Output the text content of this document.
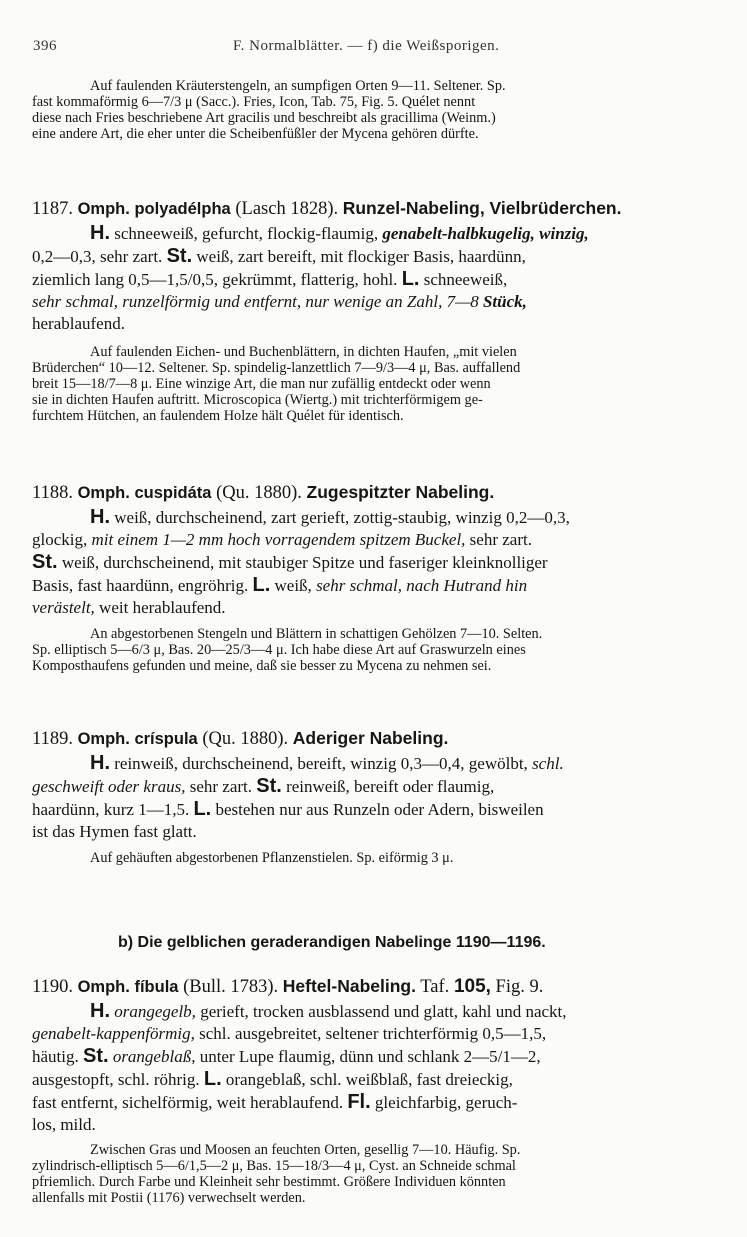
396	F. Normalblätter. — f) die Weißsporigen.
Auf faulenden Kräuterstengeln, an sumpfigen Orten 9—11. Seltener. Sp.
fast kommaförmig 6—7/3 μ (Sacc.). Fries, Icon, Tab. 75, Fig. 5. Quélet nennt
diese nach Fries beschriebene Art gracilis und beschreibt als gracillima (Weinm.)
eine andere Art, die eher unter die Scheibenfüßler der Mycena gehören dürfte.
1187. Omph. polyadélpha (Lasch 1828). Runzel-Nabeling, Vielbrüderchen.
H. schneeweiß, gefurcht, flockig-flaumig, genabelt-halbkugelig, winzig,
0,2—0,3, sehr zart. St. weiß, zart bereift, mit flockiger Basis, haardünn,
ziemlich lang 0,5—1,5/0,5, gekrümmt, flatterig, hohl. L. schneeweiß,
sehr schmal, runzelförmig und entfernt, nur wenige an Zahl, 7—8 Stück,
herablaufend.
Auf faulenden Eichen- und Buchenblättern, in dichten Haufen, „mit vielen
Brüderchen“ 10—12. Seltener. Sp. spindelig-lanzettlich 7—9/3—4 μ, Bas. auffallend
breit 15—18/7—8 μ. Eine winzige Art, die man nur zufällig entdeckt oder wenn
sie in dichten Haufen auftritt. Microscopica (Wiertg.) mit trichterförmigem ge-
furchtem Hütchen, an faulendem Holze hält Quélet für identisch.
1188. Omph. cuspidáta (Qu. 1880). Zugespitzter Nabeling.
H. weiß, durchscheinend, zart gerieft, zottig-staubig, winzig 0,2—0,3,
glockig, mit einem 1—2 mm hoch vorragendem spitzem Buckel, sehr zart.
St. weiß, durchscheinend, mit staubiger Spitze und faseriger kleinknolliger
Basis, fast haardünn, engröhrig. L. weiß, sehr schmal, nach Hutrand hin
verästelt, weit herablaufend.
An abgestorbenen Stengeln und Blättern in schattigen Gehölzen 7—10. Selten.
Sp. elliptisch 5—6/3 μ, Bas. 20—25/3—4 μ. Ich habe diese Art auf Graswurzeln eines
Komposthaufens gefunden und meine, daß sie besser zu Mycena zu nehmen sei.
1189. Omph. críspula (Qu. 1880). Aderiger Nabeling.
H. reinweiß, durchscheinend, bereift, winzig 0,3—0,4, gewölbt, schl.
geschweift oder kraus, sehr zart. St. reinweiß, bereift oder flaumig,
haardünn, kurz 1—1,5. L. bestehen nur aus Runzeln oder Adern, bisweilen
ist das Hymen fast glatt.
Auf gehäuften abgestorbenen Pflanzenstielen. Sp. eiförmig 3 μ.
b) Die gelblichen geraderandigen Nabelinge 1190—1196.
1190. Omph. fíbula (Bull. 1783). Heftel-Nabeling. Taf. 105, Fig. 9.
H. orangegelb, gerieft, trocken ausblassend und glatt, kahl und nackt,
genabelt-kappenförmig, schl. ausgebreitet, seltener trichterförmig 0,5—1,5,
häutig. St. orangeblaß, unter Lupe flaumig, dünn und schlank 2—5/1—2,
ausgestopft, schl. röhrig. L. orangeblaß, schl. weißblaß, fast dreieckig,
fast entfernt, sichelförmig, weit herablaufend. Fl. gleichfarbig, geruch-
los, mild.
Zwischen Gras und Moosen an feuchten Orten, gesellig 7—10. Häufig. Sp.
zylindrisch-elliptisch 5—6/1,5—2 μ, Bas. 15—18/3—4 μ, Cyst. an Schneide schmal
pfriemlich. Durch Farbe und Kleinheit sehr bestimmt. Größere Individuen könnten
allenfalls mit Postii (1176) verwechselt werden.
